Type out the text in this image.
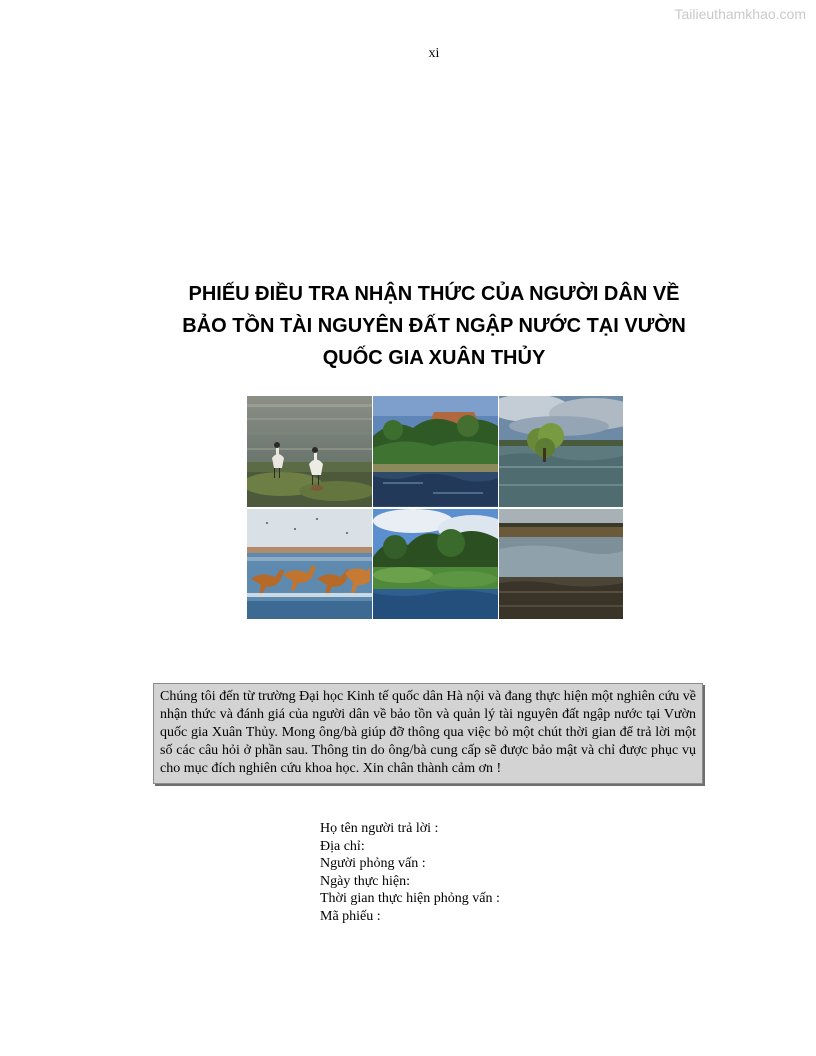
Tailieuthamkhao.com
xi
PHIẾU ĐIỀU TRA NHẬN THỨC CỦA NGƯỜI DÂN VỀ
BẢO TỒN TÀI NGUYÊN ĐẤT NGẬP NƯỚC TẠI VƯỜN
QUỐC GIA XUÂN THỦY
Chúng tôi đến từ trường Đại học Kinh tế quốc dân Hà nội và đang thực hiện một nghiên cứu về nhận thức và đánh giá của người dân về bảo tồn và quản lý tài nguyên đất ngập nước tại Vườn quốc gia Xuân Thủy. Mong ông/bà giúp đỡ thông qua việc bỏ một chút thời gian để trả lời một số các câu hỏi ở phần sau. Thông tin do ông/bà cung cấp sẽ được bảo mật và chỉ được phục vụ cho mục đích nghiên cứu khoa học. Xin chân thành cảm ơn !
Họ tên người trả lời :
Địa chỉ:
Người phỏng vấn :
Ngày thực hiện:
Thời gian thực hiện phỏng vấn :
Mã phiếu :
